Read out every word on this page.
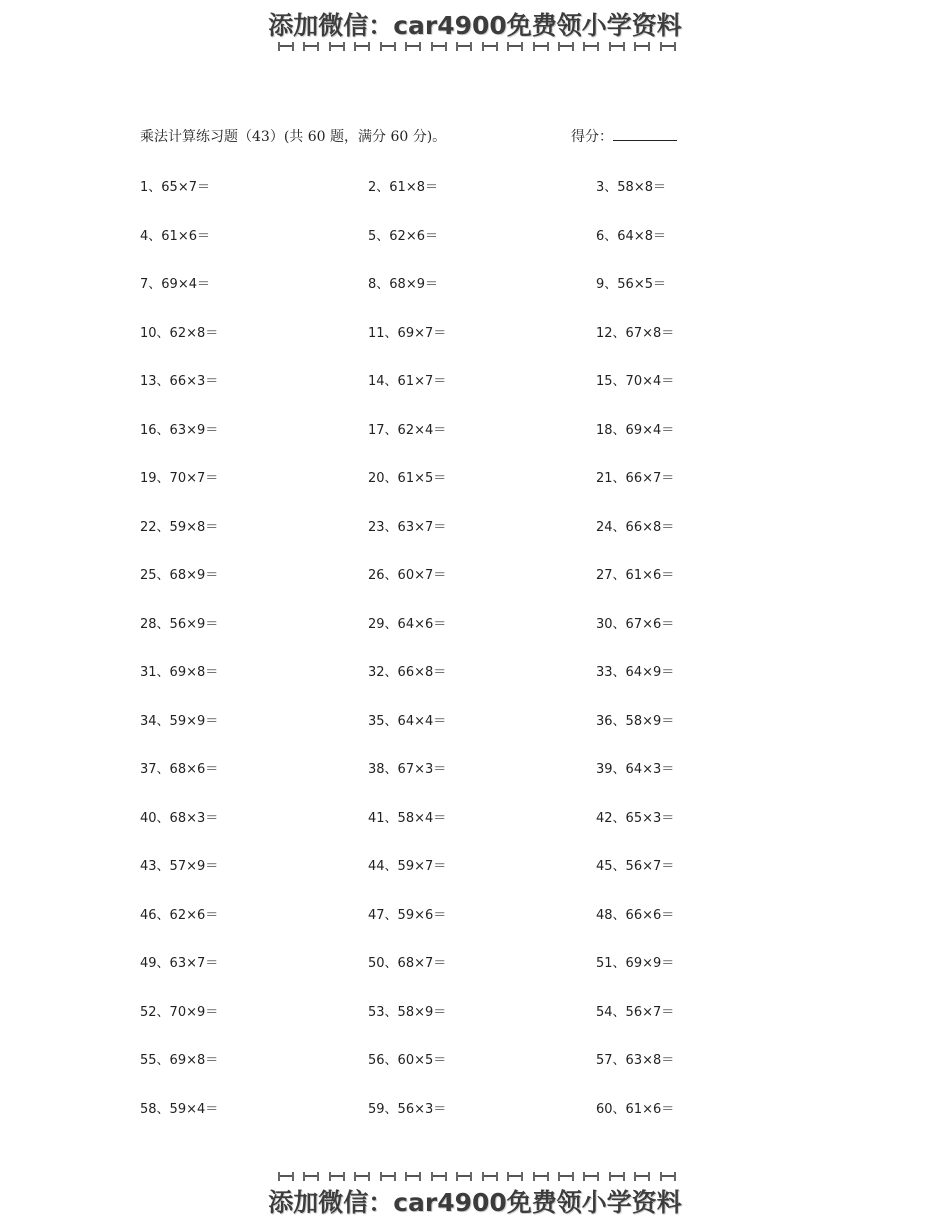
添加微信：car4900免费领小学资料
乘法计算练习题（43）(共 60 题，满分 60 分)。	得分：
1、65×7＝	2、61×8＝	3、58×8＝
4、61×6＝	5、62×6＝	6、64×8＝
7、69×4＝	8、68×9＝	9、56×5＝
10、62×8＝	11、69×7＝	12、67×8＝
13、66×3＝	14、61×7＝	15、70×4＝
16、63×9＝	17、62×4＝	18、69×4＝
19、70×7＝	20、61×5＝	21、66×7＝
22、59×8＝	23、63×7＝	24、66×8＝
25、68×9＝	26、60×7＝	27、61×6＝
28、56×9＝	29、64×6＝	30、67×6＝
31、69×8＝	32、66×8＝	33、64×9＝
34、59×9＝	35、64×4＝	36、58×9＝
37、68×6＝	38、67×3＝	39、64×3＝
40、68×3＝	41、58×4＝	42、65×3＝
43、57×9＝	44、59×7＝	45、56×7＝
46、62×6＝	47、59×6＝	48、66×6＝
49、63×7＝	50、68×7＝	51、69×9＝
52、70×9＝	53、58×9＝	54、56×7＝
55、69×8＝	56、60×5＝	57、63×8＝
58、59×4＝	59、56×3＝	60、61×6＝
添加微信：car4900免费领小学资料
